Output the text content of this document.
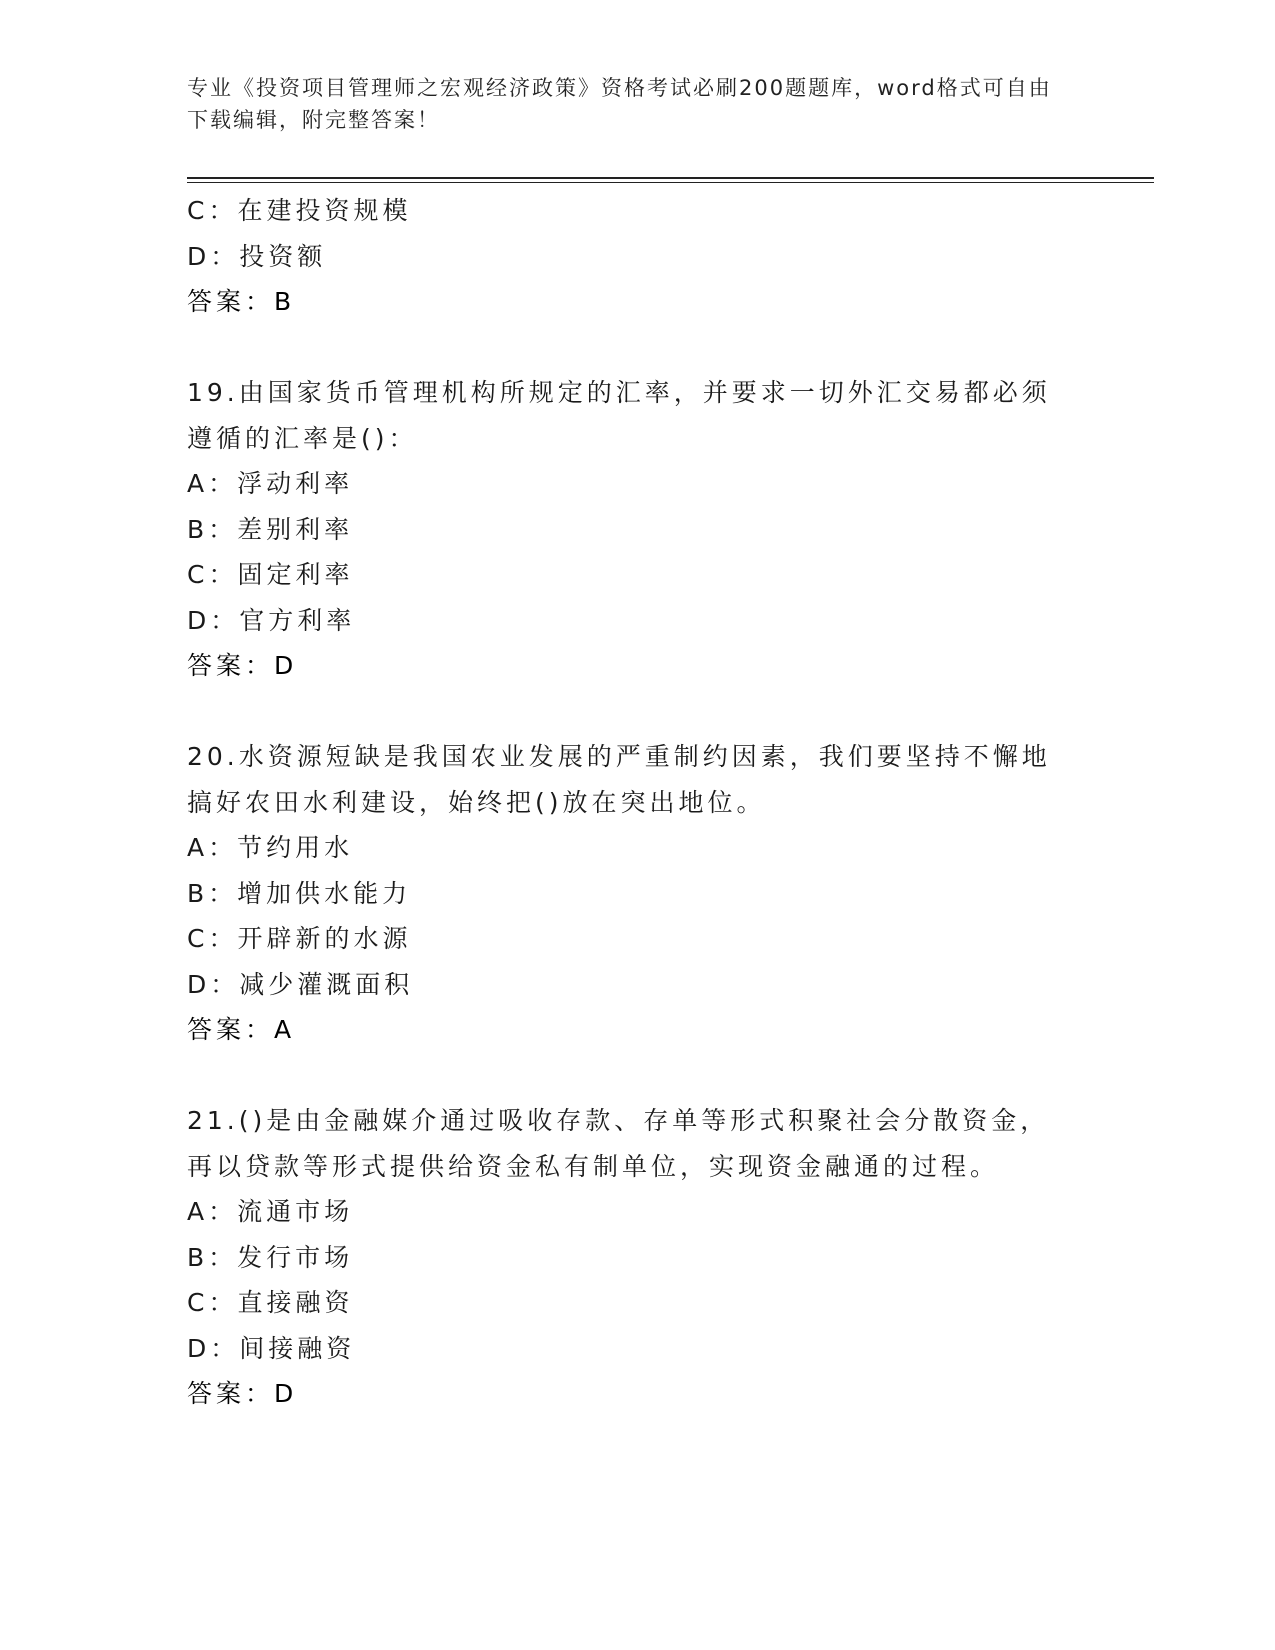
专业《投资项目管理师之宏观经济政策》资格考试必刷200题题库，word格式可自由下载编辑，附完整答案！
C：在建投资规模
D：投资额
答案：B
19.由国家货币管理机构所规定的汇率，并要求一切外汇交易都必须遵循的汇率是()：
A：浮动利率
B：差别利率
C：固定利率
D：官方利率
答案：D
20.水资源短缺是我国农业发展的严重制约因素，我们要坚持不懈地搞好农田水利建设，始终把()放在突出地位。
A：节约用水
B：增加供水能力
C：开辟新的水源
D：减少灌溉面积
答案：A
21.()是由金融媒介通过吸收存款、存单等形式积聚社会分散资金，再以贷款等形式提供给资金私有制单位，实现资金融通的过程。
A：流通市场
B：发行市场
C：直接融资
D：间接融资
答案：D
